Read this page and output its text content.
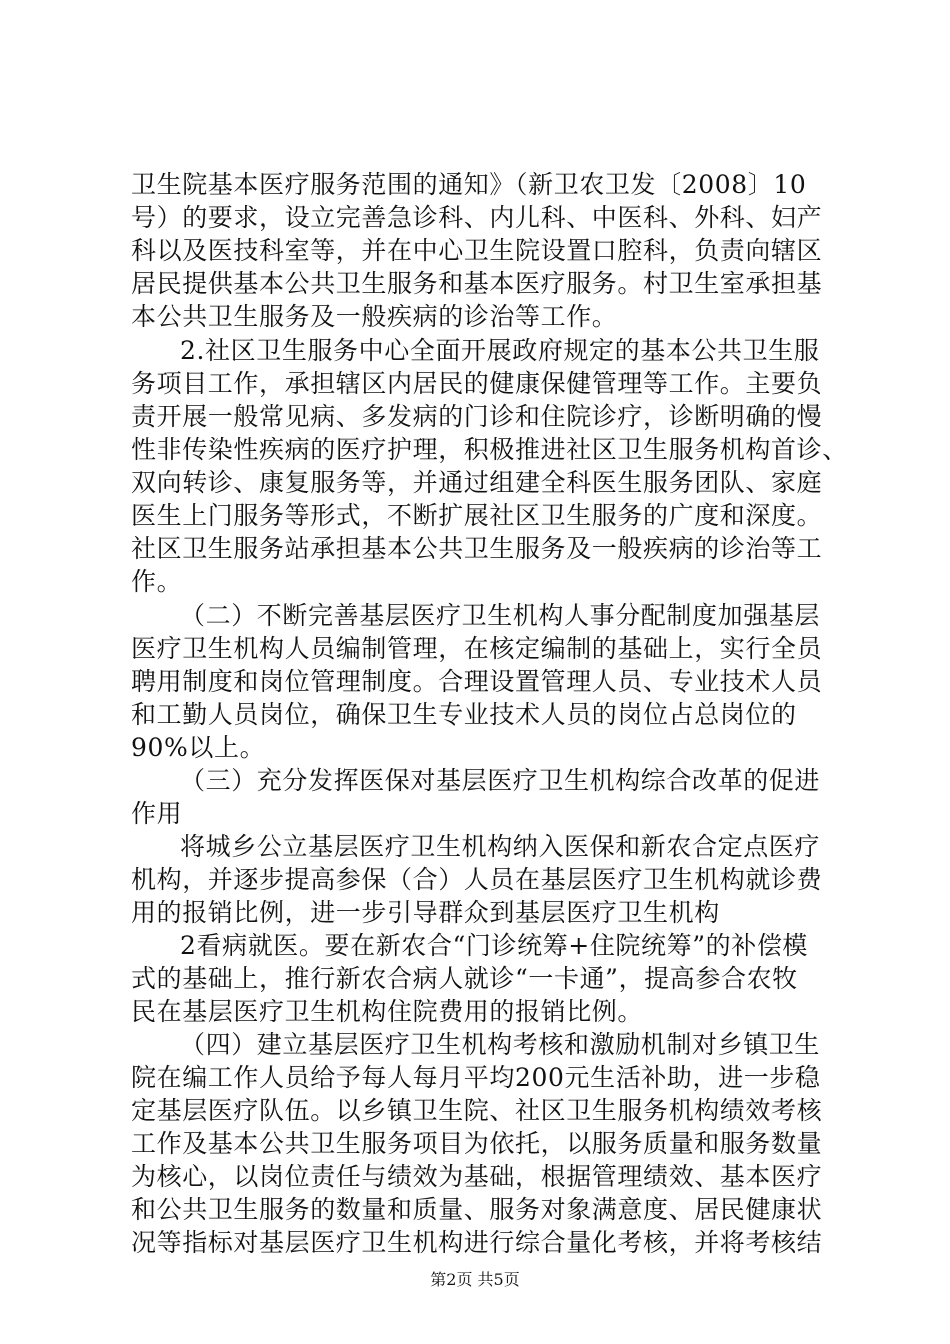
卫生院基本医疗服务范围的通知》（新卫农卫发〔2008〕10
号）的要求，设立完善急诊科、内儿科、中医科、外科、妇产
科以及医技科室等，并在中心卫生院设置口腔科，负责向辖区
居民提供基本公共卫生服务和基本医疗服务。村卫生室承担基
本公共卫生服务及一般疾病的诊治等工作。
2.社区卫生服务中心全面开展政府规定的基本公共卫生服
务项目工作，承担辖区内居民的健康保健管理等工作。主要负
责开展一般常见病、多发病的门诊和住院诊疗，诊断明确的慢
性非传染性疾病的医疗护理，积极推进社区卫生服务机构首诊、
双向转诊、康复服务等，并通过组建全科医生服务团队、家庭
医生上门服务等形式，不断扩展社区卫生服务的广度和深度。
社区卫生服务站承担基本公共卫生服务及一般疾病的诊治等工
作。
（二）不断完善基层医疗卫生机构人事分配制度加强基层
医疗卫生机构人员编制管理，在核定编制的基础上，实行全员
聘用制度和岗位管理制度。合理设置管理人员、专业技术人员
和工勤人员岗位，确保卫生专业技术人员的岗位占总岗位的
90%以上。
（三）充分发挥医保对基层医疗卫生机构综合改革的促进
作用
将城乡公立基层医疗卫生机构纳入医保和新农合定点医疗
机构，并逐步提高参保（合）人员在基层医疗卫生机构就诊费
用的报销比例，进一步引导群众到基层医疗卫生机构
2看病就医。要在新农合“门诊统筹+住院统筹”的补偿模
式的基础上，推行新农合病人就诊“一卡通”，提高参合农牧
民在基层医疗卫生机构住院费用的报销比例。
（四）建立基层医疗卫生机构考核和激励机制对乡镇卫生
院在编工作人员给予每人每月平均200元生活补助，进一步稳
定基层医疗队伍。以乡镇卫生院、社区卫生服务机构绩效考核
工作及基本公共卫生服务项目为依托，以服务质量和服务数量
为核心，以岗位责任与绩效为基础，根据管理绩效、基本医疗
和公共卫生服务的数量和质量、服务对象满意度、居民健康状
况等指标对基层医疗卫生机构进行综合量化考核，并将考核结
第2页 共5页
